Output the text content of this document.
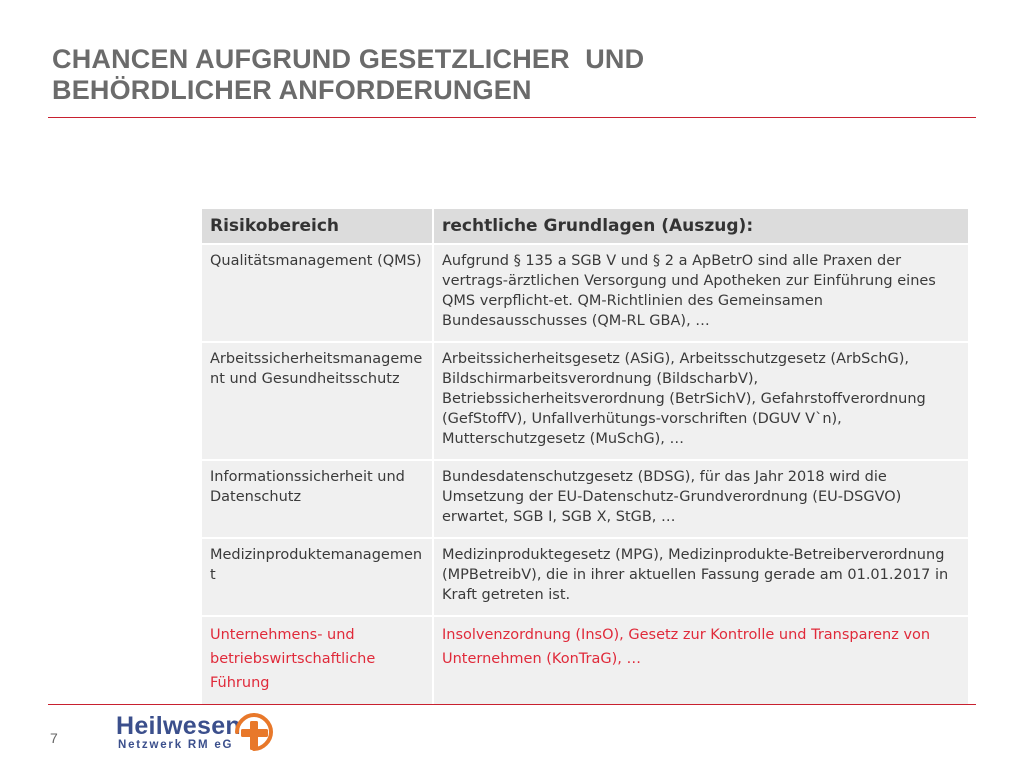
CHANCEN AUFGRUND GESETZLICHER  UND
BEHÖRDLICHER ANFORDERUNGEN
Risikobereich	rechtliche Grundlagen (Auszug):
Qualitätsmanagement (QMS)	Aufgrund § 135 a SGB V und § 2 a ApBetrO sind alle Praxen der vertrags-ärztlichen Versorgung und Apotheken zur Einführung eines QMS verpflicht-et. QM-Richtlinien des Gemeinsamen Bundesausschusses (QM-RL GBA), …
Arbeitssicherheitsmanagement und Gesundheitsschutz	Arbeitssicherheitsgesetz (ASiG), Arbeitsschutzgesetz (ArbSchG), Bildschirmarbeitsverordnung (BildscharbV), Betriebssicherheitsverordnung (BetrSichV), Gefahrstoffverordnung (GefStoffV), Unfallverhütungs-vorschriften (DGUV V`n), Mutterschutzgesetz (MuSchG), …
Informationssicherheit und Datenschutz	Bundesdatenschutzgesetz (BDSG), für das Jahr 2018 wird die Umsetzung der EU-Datenschutz-Grundverordnung (EU-DSGVO) erwartet, SGB I, SGB X, StGB, …
Medizinproduktemanagement	Medizinproduktegesetz (MPG), Medizinprodukte-Betreiberverordnung (MPBetreibV), die in ihrer aktuellen Fassung gerade am 01.01.2017 in Kraft getreten ist.
Unternehmens- und betriebswirtschaftliche Führung	Insolvenzordnung (InsO), Gesetz zur Kontrolle und Transparenz von Unternehmen (KonTraG), …
7 Heilwesen
Netzwerk RM eG
